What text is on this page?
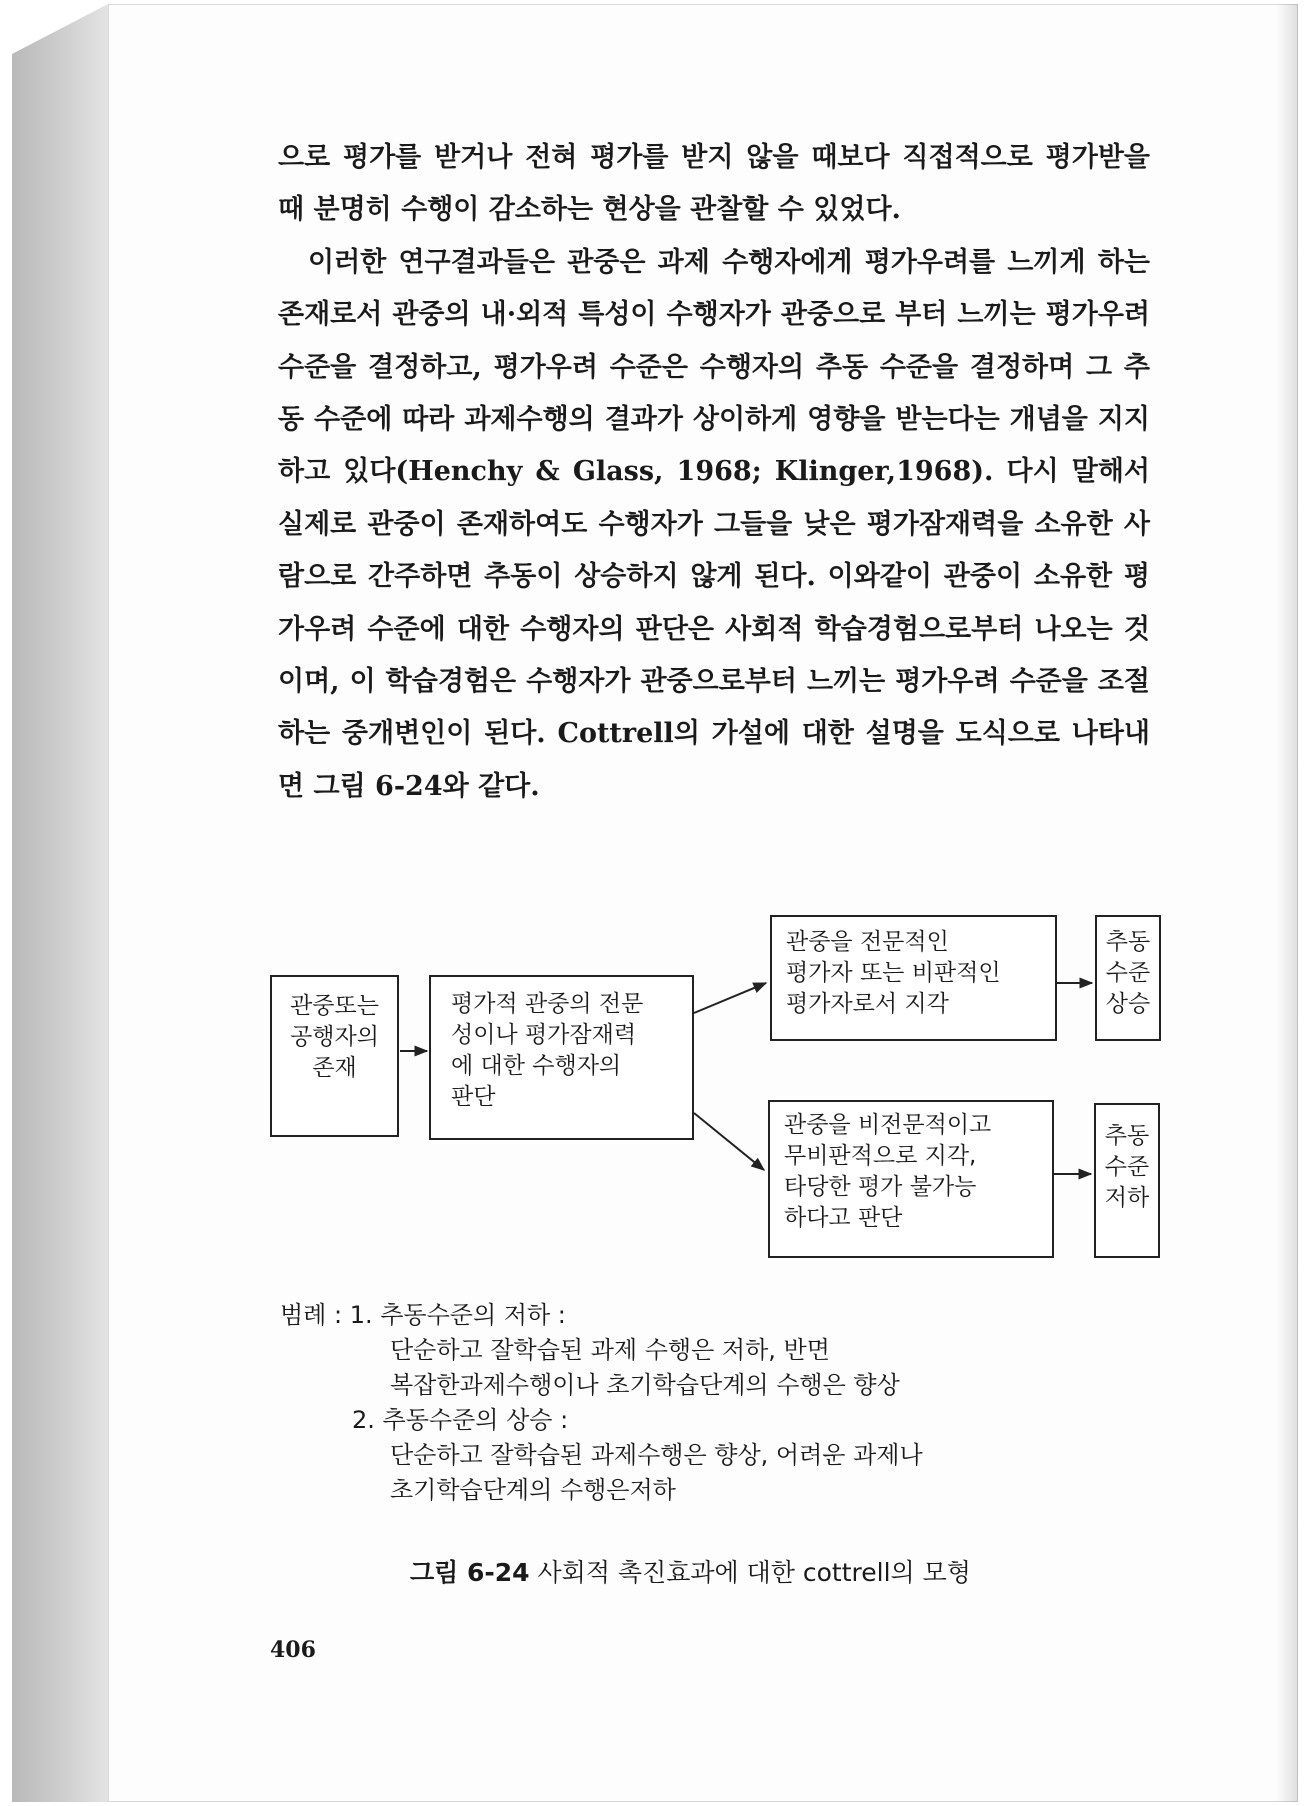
으로 평가를 받거나 전혀 평가를 받지 않을 때보다 직접적으로 평가받을 때 분명히 수행이 감소하는 현상을 관찰할 수 있었다.

이러한 연구결과들은 관중은 과제 수행자에게 평가우려를 느끼게 하는 존재로서 관중의 내·외적 특성이 수행자가 관중으로 부터 느끼는 평가우려 수준을 결정하고, 평가우려 수준은 수행자의 추동 수준을 결정하며 그 추동 수준에 따라 과제수행의 결과가 상이하게 영향을 받는다는 개념을 지지하고 있다(Henchy & Glass, 1968; Klinger,1968). 다시 말해서 실제로 관중이 존재하여도 수행자가 그들을 낮은 평가잠재력을 소유한 사람으로 간주하면 추동이 상승하지 않게 된다. 이와같이 관중이 소유한 평가우려 수준에 대한 수행자의 판단은 사회적 학습경험으로부터 나오는 것이며, 이 학습경험은 수행자가 관중으로부터 느끼는 평가우려 수준을 조절하는 중개변인이 된다. Cottrell의 가설에 대한 설명을 도식으로 나타내면 그림 6-24와 같다.

관중또는
공행자의
존재
평가적 관중의 전문
성이나 평가잠재력
에 대한 수행자의
판단
관중을 전문적인
평가자 또는 비판적인
평가자로서 지각
추동
수준
상승
관중을 비전문적이고
무비판적으로 지각,
타당한 평가 불가능
하다고 판단
추동
수준
저하
범례 : 1. 추동수준의 저하 :
단순하고 잘학습된 과제 수행은 저하, 반면
복잡한과제수행이나 초기학습단계의 수행은 향상
2. 추동수준의 상승 :
단순하고 잘학습된 과제수행은 향상, 어려운 과제나
초기학습단계의 수행은저하
그림 6-24 사회적 촉진효과에 대한 cottrell의 모형
406
